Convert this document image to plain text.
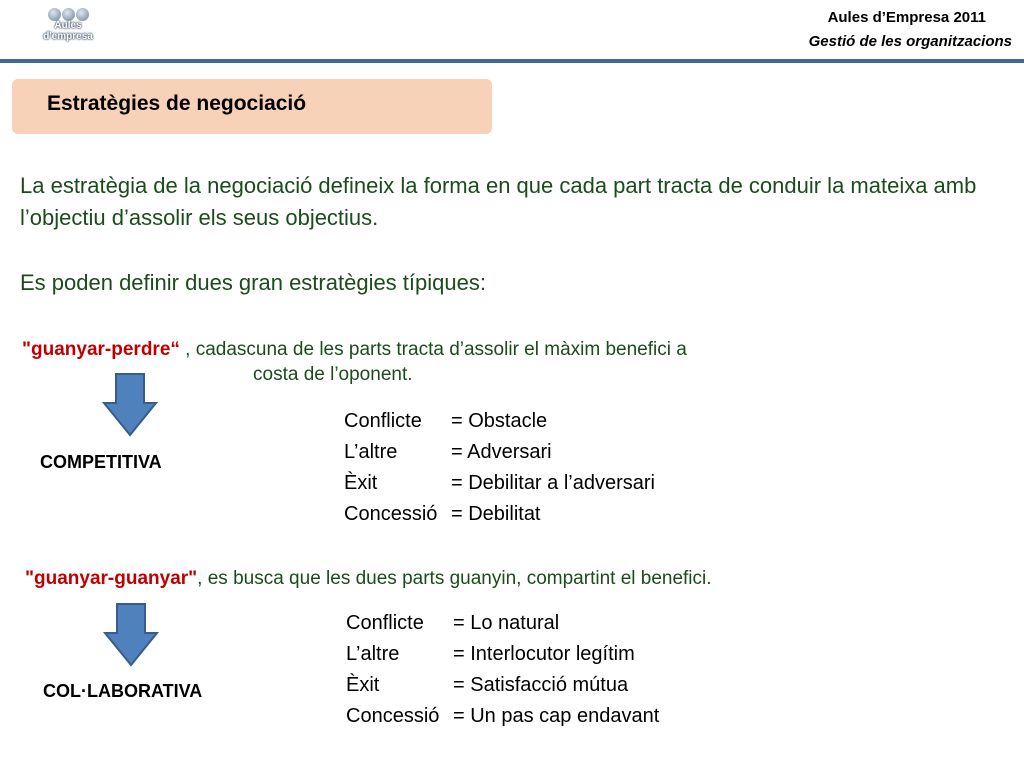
Aules
d'empresa
Aules d’Empresa 2011
Gestió de les organitzacions
Estratègies de negociació
La estratègia de la negociació defineix la forma en que cada part tracta de conduir la mateixa amb l’objectiu d’assolir els seus objectius.
Es poden definir dues gran estratègies típiques:
"guanyar-perdre“ , cadascuna de les parts tracta d’assolir el màxim benefici a
costa de l’oponent.
COMPETITIVA
Conflicte	= Obstacle
L’altre	= Adversari
Èxit	= Debilitar a l’adversari
Concessió = Debilitat
"guanyar-guanyar", es busca que les dues parts guanyin, compartint el benefici.
COL·LABORATIVA
Conflicte	= Lo natural
L’altre	= Interlocutor legítim
Èxit	= Satisfacció mútua
Concessió = Un pas cap endavant
